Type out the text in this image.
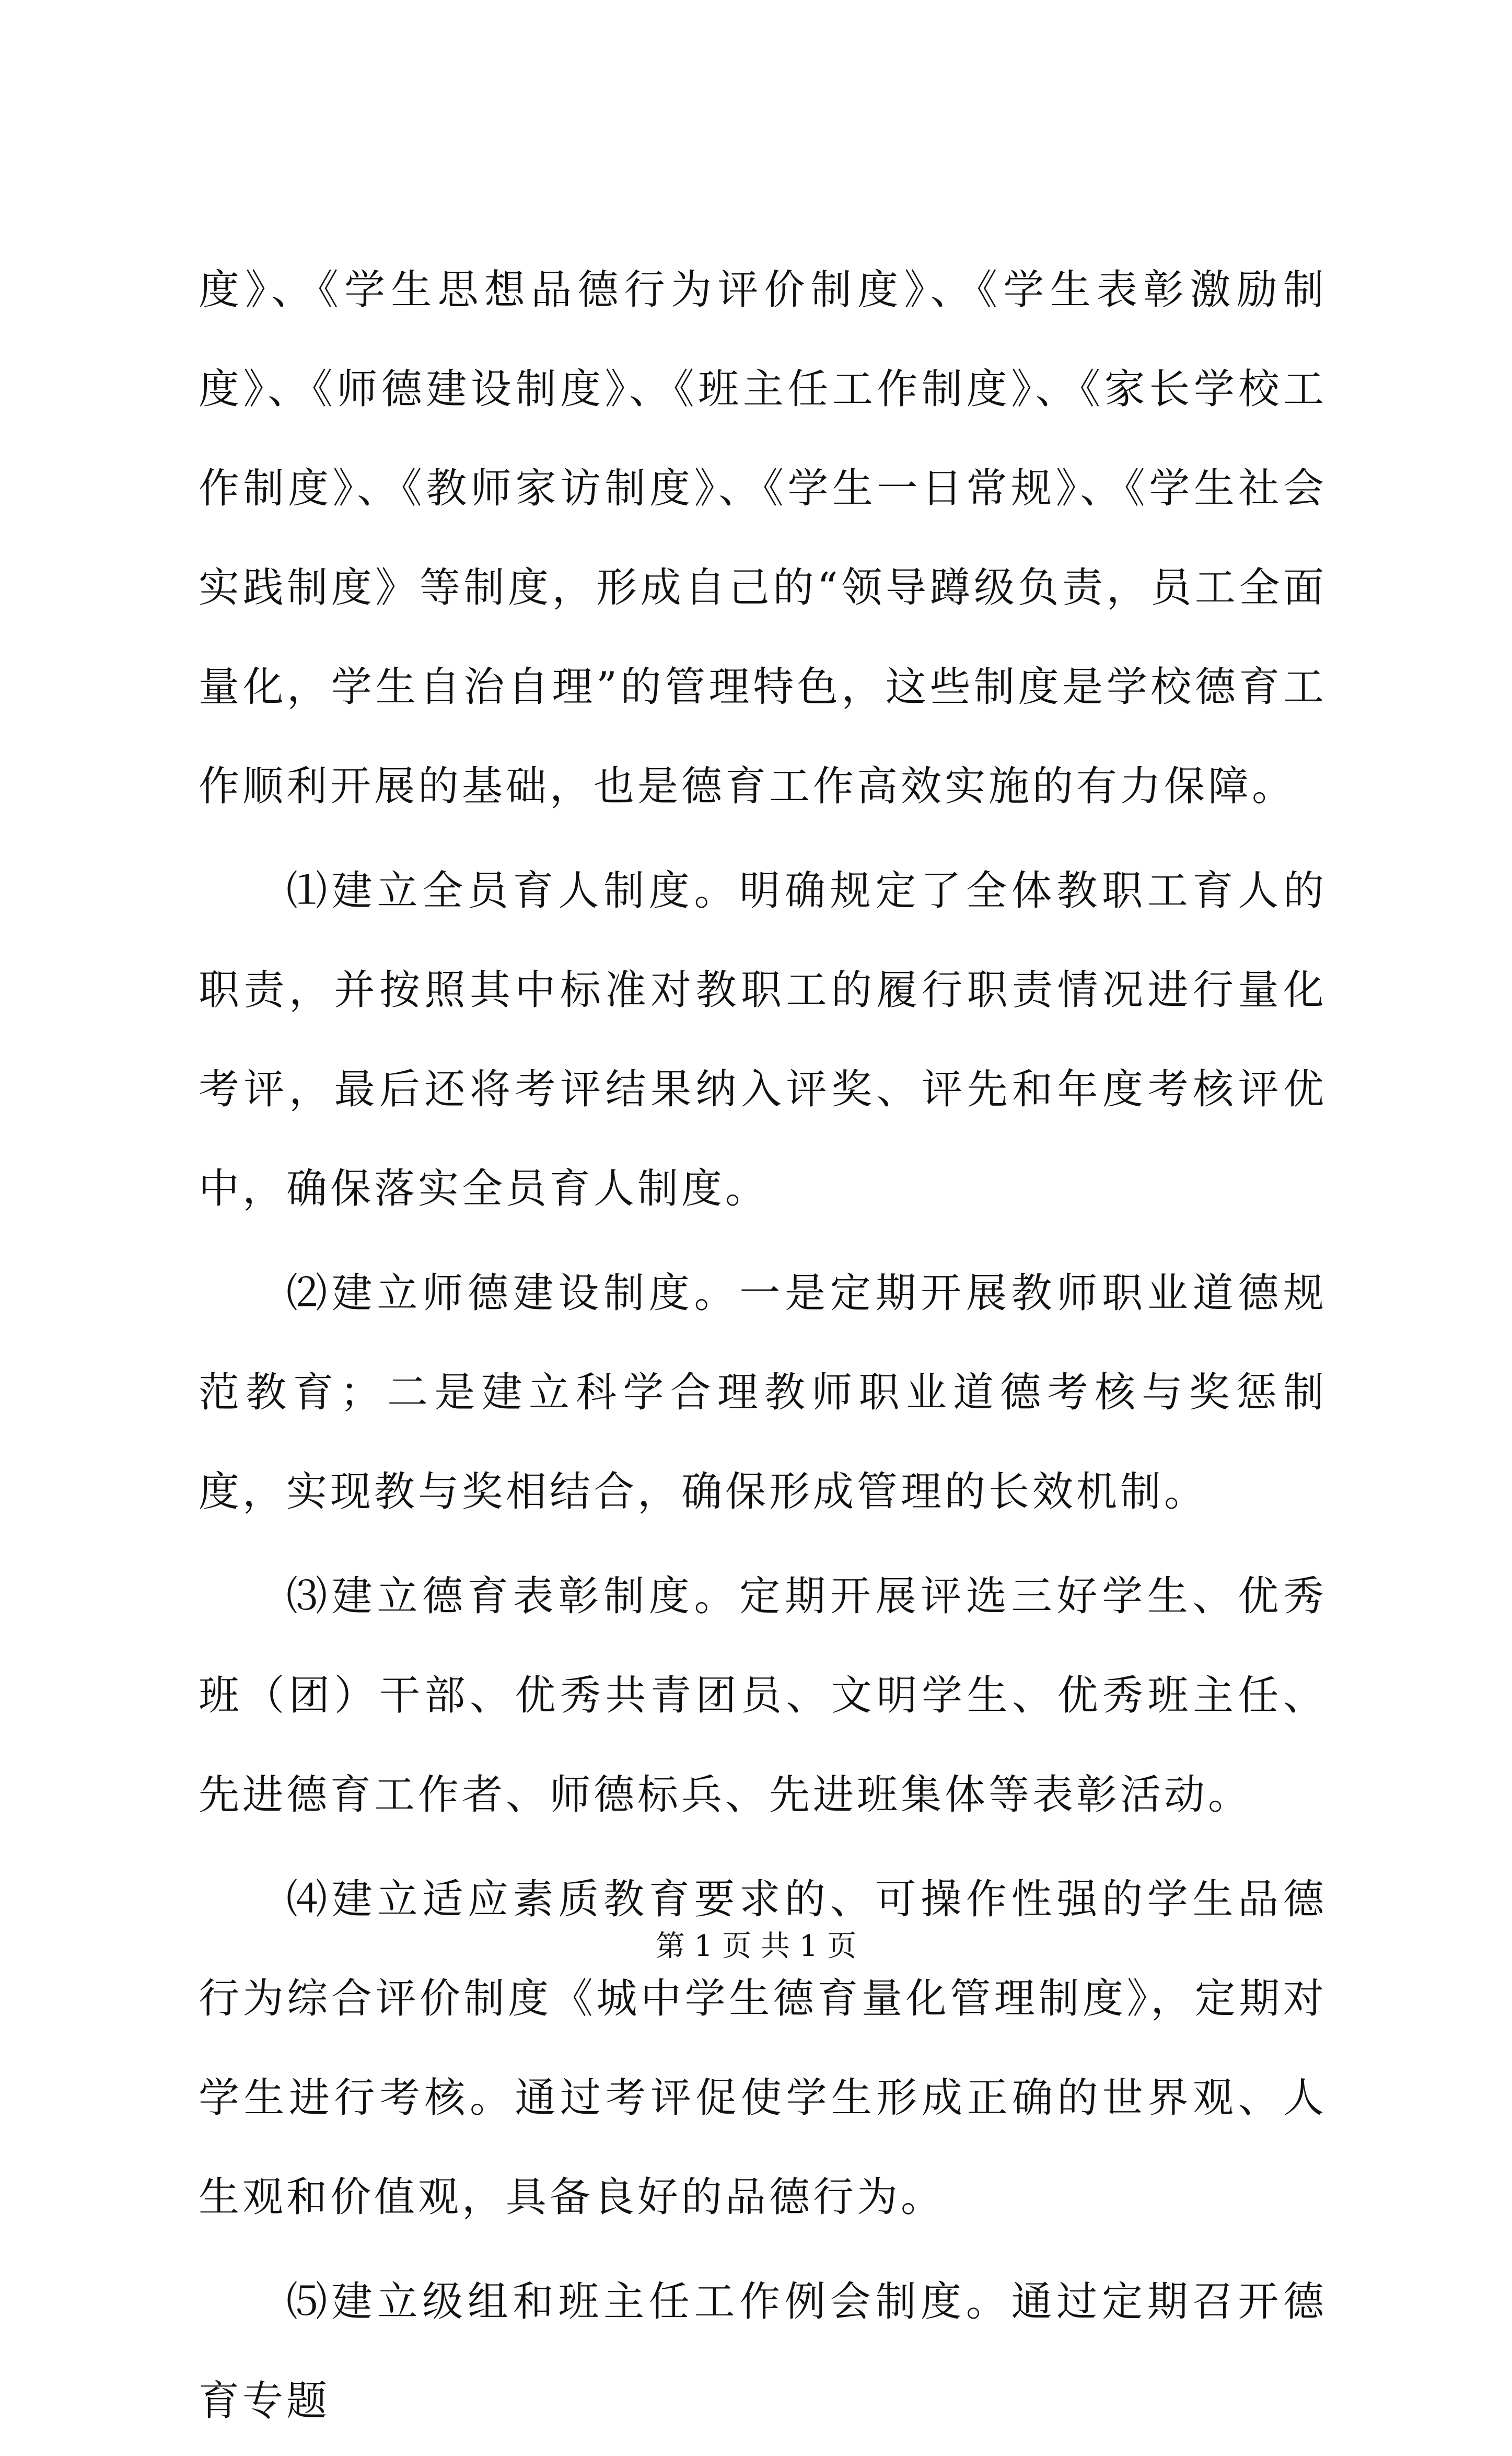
度》、《学生思想品德行为评价制度》、《学生表彰激励制度》、《师德建设制度》、《班主任工作制度》、《家长学校工作制度》、《教师家访制度》、《学生一日常规》、《学生社会实践制度》等制度，形成自己的“领导蹲级负责，员工全面量化，学生自治自理”的管理特色，这些制度是学校德育工作顺利开展的基础，也是德育工作高效实施的有力保障。

⑴建立全员育人制度。明确规定了全体教职工育人的职责，并按照其中标准对教职工的履行职责情况进行量化考评，最后还将考评结果纳入评奖、评先和年度考核评优中，确保落实全员育人制度。

⑵建立师德建设制度。一是定期开展教师职业道德规范教育；二是建立科学合理教师职业道德考核与奖惩制度，实现教与奖相结合，确保形成管理的长效机制。

⑶建立德育表彰制度。定期开展评选三好学生、优秀班（团）干部、优秀共青团员、文明学生、优秀班主任、先进德育工作者、师德标兵、先进班集体等表彰活动。

⑷建立适应素质教育要求的、可操作性强的学生品德行为综合评价制度《城中学生德育量化管理制度》，定期对学生进行考核。通过考评促使学生形成正确的世界观、人生观和价值观，具备良好的品德行为。

⑸建立级组和班主任工作例会制度。通过定期召开德育专题

第 1 页 共 1 页
